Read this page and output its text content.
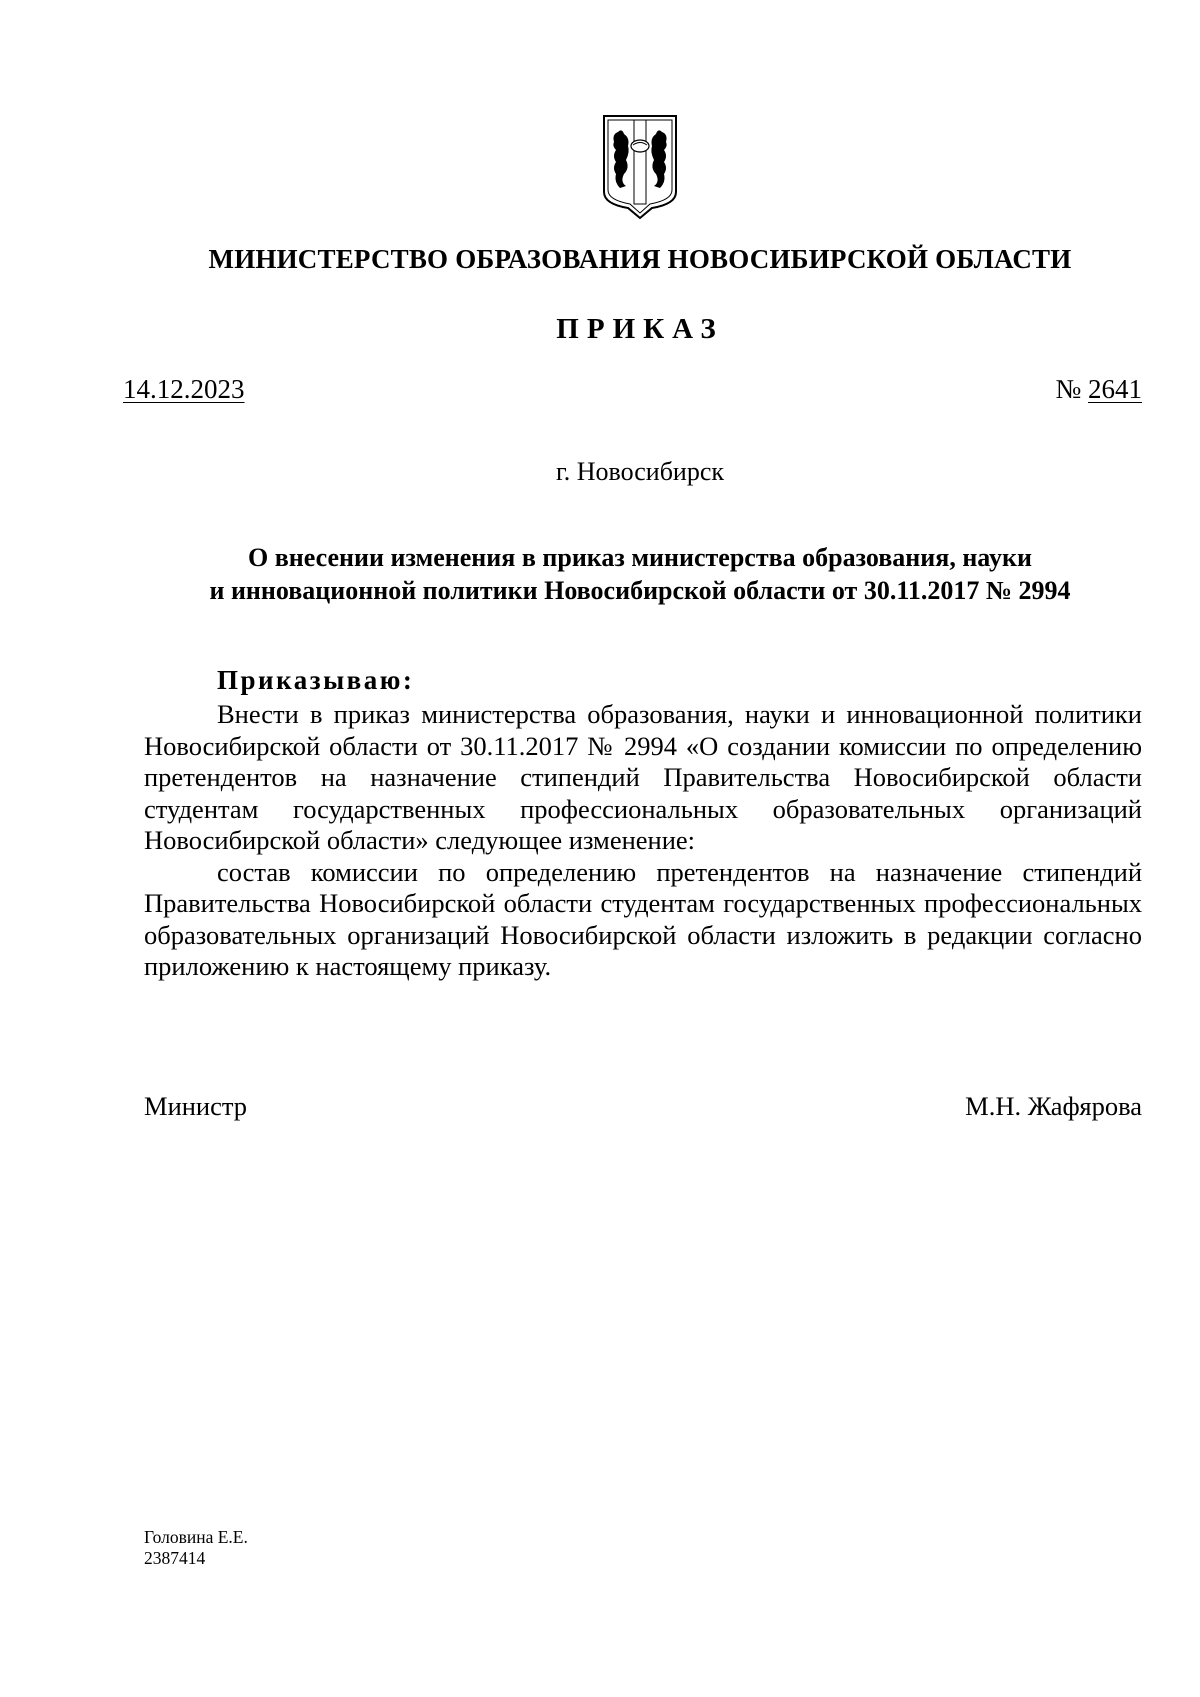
МИНИСТЕРСТВО ОБРАЗОВАНИЯ НОВОСИБИРСКОЙ ОБЛАСТИ
ПРИКАЗ
14.12.2023	№ 2641
г. Новосибирск
О внесении изменения в приказ министерства образования, науки
и инновационной политики Новосибирской области от 30.11.2017 № 2994
Приказываю:

Внести в приказ министерства образования, науки и инновационной политики Новосибирской области от 30.11.2017 № 2994 «О создании комиссии по определению претендентов на назначение стипендий Правительства Новосибирской области студентам государственных профессиональных образовательных организаций Новосибирской области» следующее изменение:

состав комиссии по определению претендентов на назначение стипендий Правительства Новосибирской области студентам государственных профессиональных образовательных организаций Новосибирской области изложить в редакции согласно приложению к настоящему приказу.

Министр	М.Н. Жафярова
Головина Е.Е.
2387414
